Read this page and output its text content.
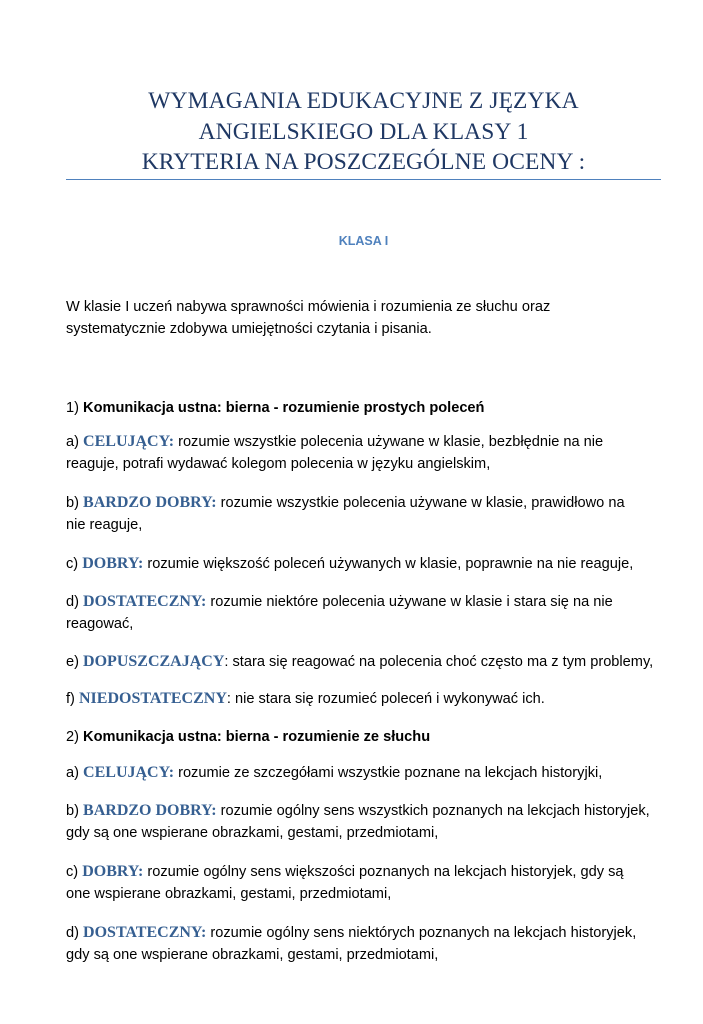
WYMAGANIA EDUKACYJNE Z JĘZYKA
ANGIELSKIEGO DLA KLASY 1
KRYTERIA NA POSZCZEGÓLNE OCENY :
KLASA I
W klasie I uczeń nabywa sprawności mówienia i rozumienia ze słuchu oraz
systematycznie zdobywa umiejętności czytania i pisania.
1) Komunikacja ustna: bierna - rozumienie prostych poleceń
a) CELUJĄCY: rozumie wszystkie polecenia używane w klasie, bezbłędnie na nie
reaguje, potrafi wydawać kolegom polecenia w języku angielskim,
b) BARDZO DOBRY: rozumie wszystkie polecenia używane w klasie, prawidłowo na
nie reaguje,
c) DOBRY: rozumie większość poleceń używanych w klasie, poprawnie na nie reaguje,
d) DOSTATECZNY: rozumie niektóre polecenia używane w klasie i stara się na nie
reagować,
e) DOPUSZCZAJĄCY: stara się reagować na polecenia choć często ma z tym problemy,
f) NIEDOSTATECZNY: nie stara się rozumieć poleceń i wykonywać ich.
2) Komunikacja ustna: bierna - rozumienie ze słuchu
a) CELUJĄCY: rozumie ze szczegółami wszystkie poznane na lekcjach historyjki,
b) BARDZO DOBRY: rozumie ogólny sens wszystkich poznanych na lekcjach historyjek,
gdy są one wspierane obrazkami, gestami, przedmiotami,
c) DOBRY: rozumie ogólny sens większości poznanych na lekcjach historyjek, gdy są
one wspierane obrazkami, gestami, przedmiotami,
d) DOSTATECZNY: rozumie ogólny sens niektórych poznanych na lekcjach historyjek,
gdy są one wspierane obrazkami, gestami, przedmiotami,
